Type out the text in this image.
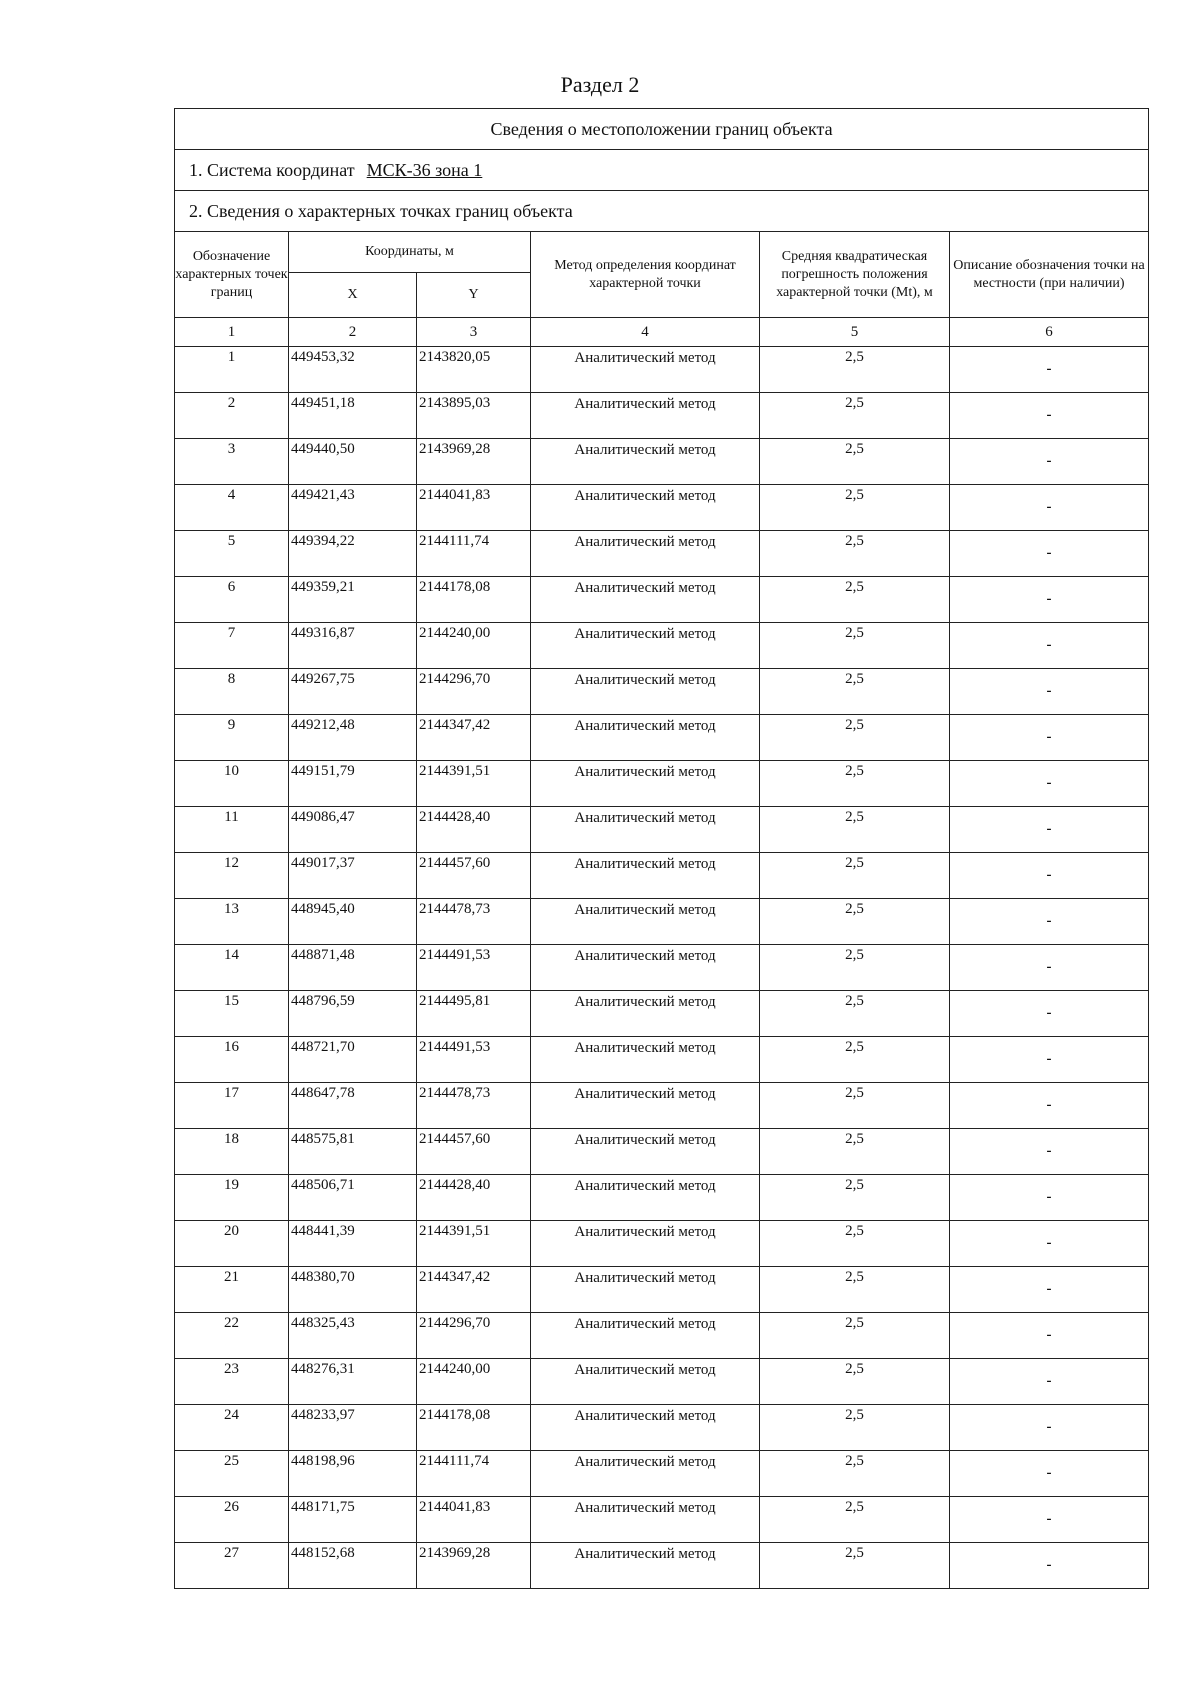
Раздел 2
Сведения о местоположении границ объекта					
1. Система координат МСК-36 зона 1					
2. Сведения о характерных точках границ объекта					
Обозначение характерных точек границ	Координаты, м		Метод определения координат характерной точки	Средняя квадратическая погрешность положения характерной точки (Mt), м	Описание обозначения точки на местности (при наличии)
	X	Y			
1	2	3	4	5	6
1	449453,32	2143820,05	Аналитический метод	2,5	-
2	449451,18	2143895,03	Аналитический метод	2,5	-
3	449440,50	2143969,28	Аналитический метод	2,5	-
4	449421,43	2144041,83	Аналитический метод	2,5	-
5	449394,22	2144111,74	Аналитический метод	2,5	-
6	449359,21	2144178,08	Аналитический метод	2,5	-
7	449316,87	2144240,00	Аналитический метод	2,5	-
8	449267,75	2144296,70	Аналитический метод	2,5	-
9	449212,48	2144347,42	Аналитический метод	2,5	-
10	449151,79	2144391,51	Аналитический метод	2,5	-
11	449086,47	2144428,40	Аналитический метод	2,5	-
12	449017,37	2144457,60	Аналитический метод	2,5	-
13	448945,40	2144478,73	Аналитический метод	2,5	-
14	448871,48	2144491,53	Аналитический метод	2,5	-
15	448796,59	2144495,81	Аналитический метод	2,5	-
16	448721,70	2144491,53	Аналитический метод	2,5	-
17	448647,78	2144478,73	Аналитический метод	2,5	-
18	448575,81	2144457,60	Аналитический метод	2,5	-
19	448506,71	2144428,40	Аналитический метод	2,5	-
20	448441,39	2144391,51	Аналитический метод	2,5	-
21	448380,70	2144347,42	Аналитический метод	2,5	-
22	448325,43	2144296,70	Аналитический метод	2,5	-
23	448276,31	2144240,00	Аналитический метод	2,5	-
24	448233,97	2144178,08	Аналитический метод	2,5	-
25	448198,96	2144111,74	Аналитический метод	2,5	-
26	448171,75	2144041,83	Аналитический метод	2,5	-
27	448152,68	2143969,28	Аналитический метод	2,5	-
